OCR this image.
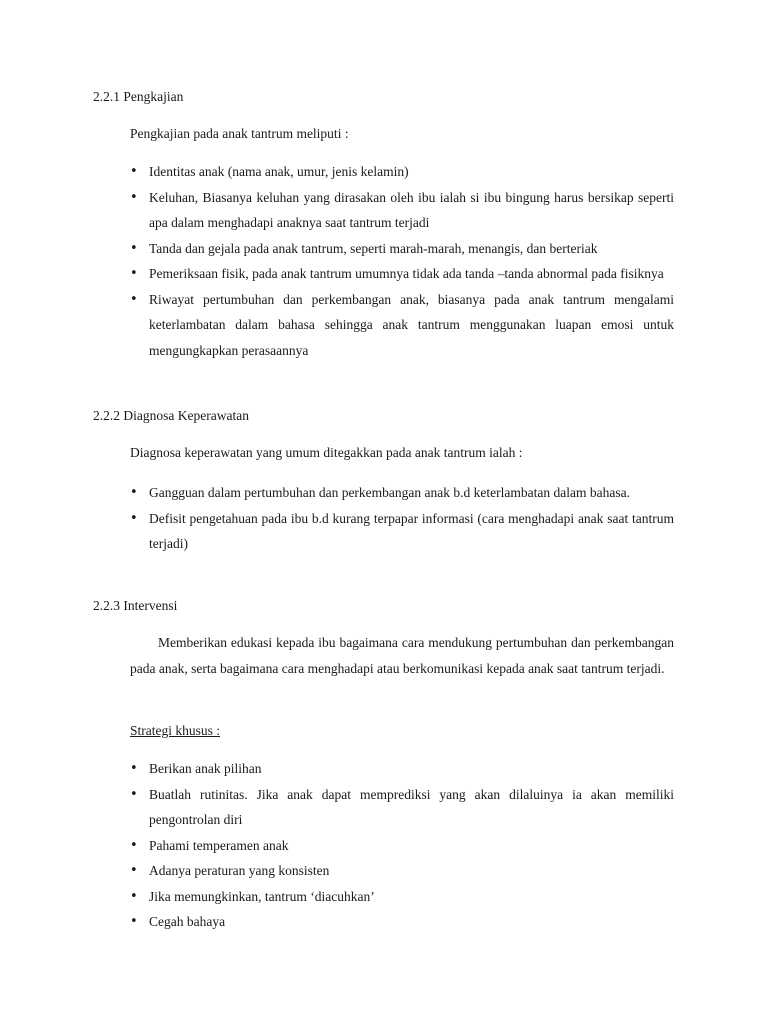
2.2.1 Pengkajian
Pengkajian pada anak tantrum meliputi :
• Identitas anak (nama anak, umur, jenis kelamin)
• Keluhan, Biasanya keluhan yang dirasakan oleh ibu ialah si ibu bingung harus bersikap seperti apa dalam menghadapi anaknya saat tantrum terjadi
• Tanda dan gejala pada anak tantrum, seperti marah-marah, menangis, dan berteriak
• Pemeriksaan fisik, pada anak tantrum umumnya tidak ada tanda –tanda abnormal pada fisiknya
• Riwayat pertumbuhan dan perkembangan anak, biasanya pada anak tantrum mengalami keterlambatan dalam bahasa sehingga anak tantrum menggunakan luapan emosi untuk mengungkapkan perasaannya
2.2.2 Diagnosa Keperawatan
Diagnosa keperawatan yang umum ditegakkan pada anak tantrum ialah :
• Gangguan dalam pertumbuhan dan perkembangan anak b.d keterlambatan dalam bahasa.
• Defisit pengetahuan pada ibu b.d kurang terpapar informasi (cara menghadapi anak saat tantrum terjadi)
2.2.3 Intervensi

Memberikan edukasi kepada ibu bagaimana cara mendukung pertumbuhan dan perkembangan pada anak, serta bagaimana cara menghadapi atau berkomunikasi kepada anak saat tantrum terjadi.

Strategi khusus :
• Berikan anak pilihan
• Buatlah rutinitas. Jika anak dapat memprediksi yang akan dilaluinya ia akan memiliki pengontrolan diri
• Pahami temperamen anak
• Adanya peraturan yang konsisten
• Jika memungkinkan, tantrum ‘diacuhkan’
• Cegah bahaya
